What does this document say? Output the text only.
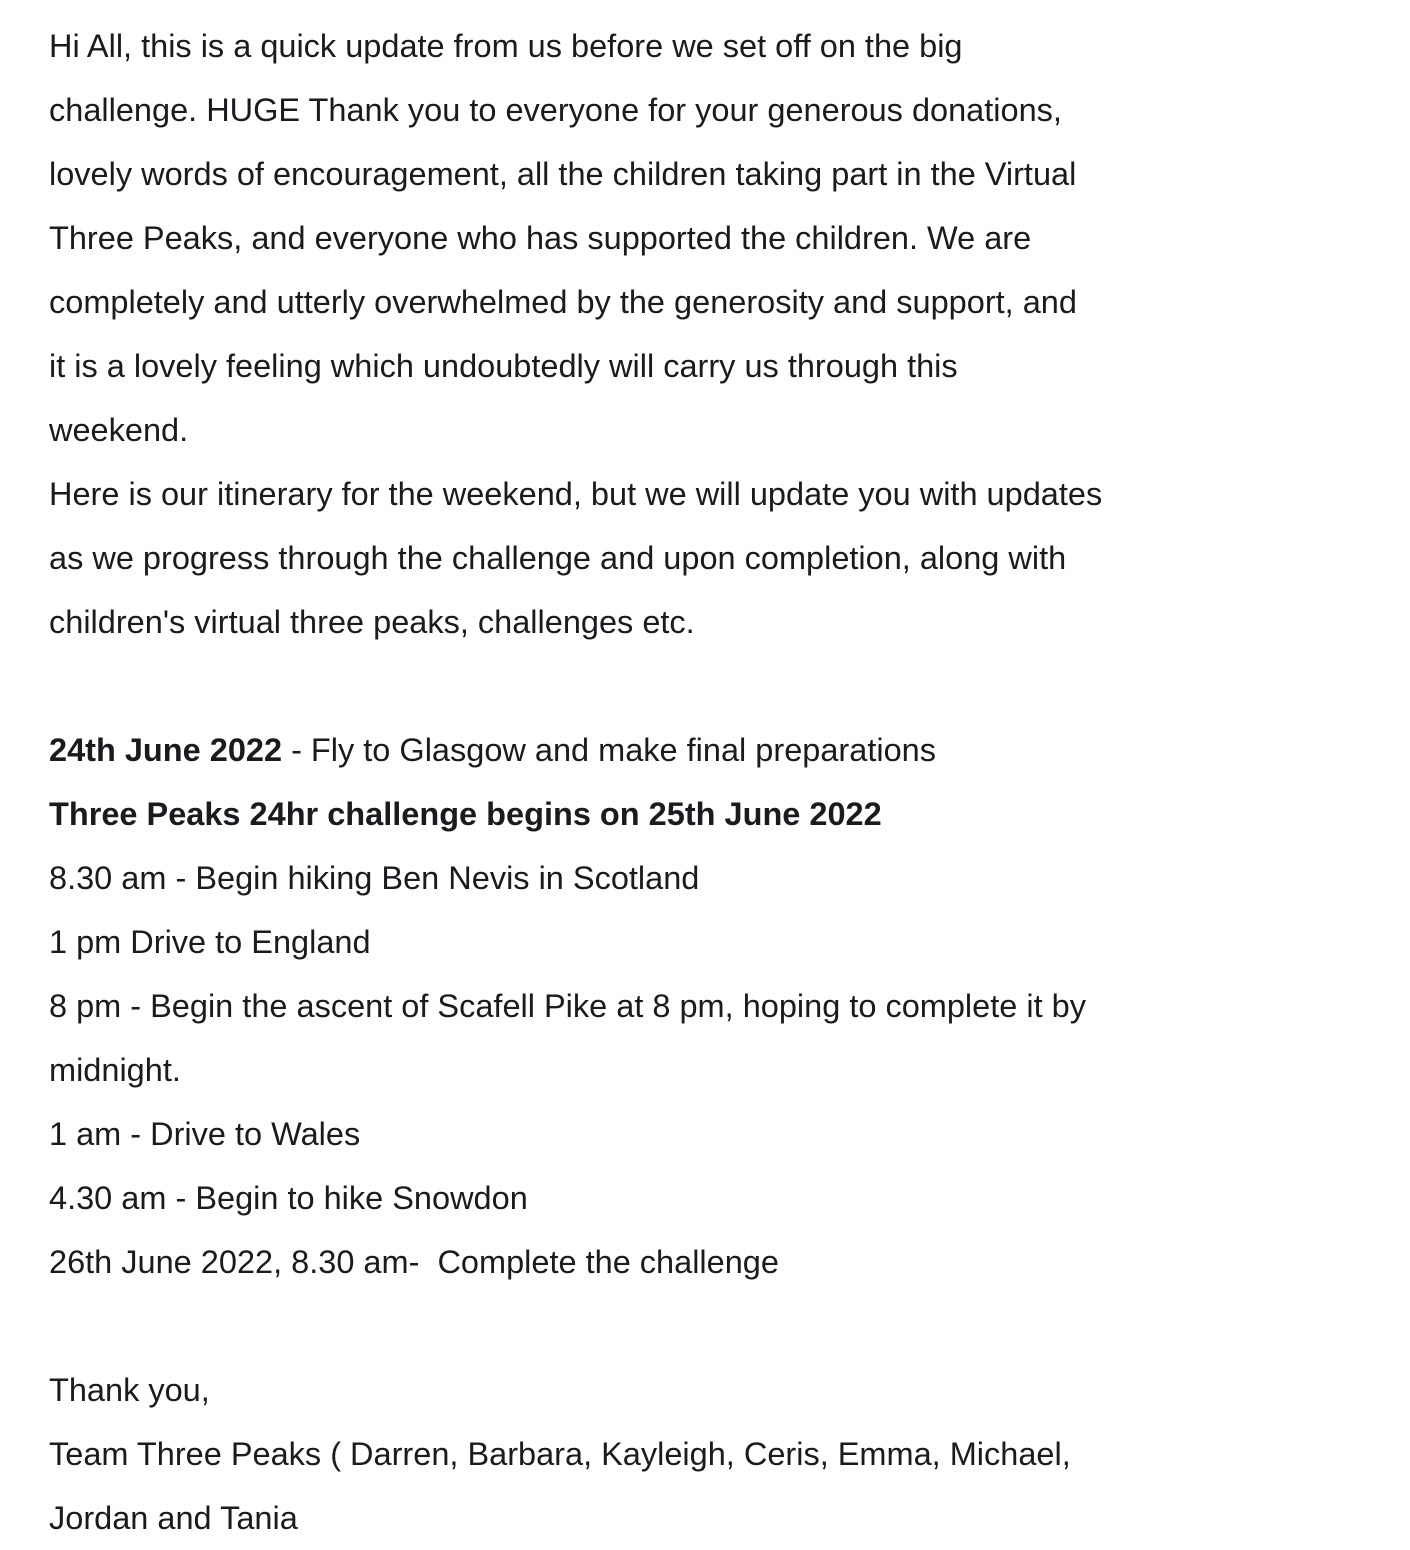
Hi All, this is a quick update from us before we set off on the big

challenge. HUGE Thank you to everyone for your generous donations,

lovely words of encouragement, all the children taking part in the Virtual

Three Peaks, and everyone who has supported the children. We are

completely and utterly overwhelmed by the generosity and support, and

it is a lovely feeling which undoubtedly will carry us through this

weekend.

Here is our itinerary for the weekend, but we will update you with updates

as we progress through the challenge and upon completion, along with

children's virtual three peaks, challenges etc.

24th June 2022 - Fly to Glasgow and make final preparations

Three Peaks 24hr challenge begins on 25th June 2022

8.30 am - Begin hiking Ben Nevis in Scotland

1 pm Drive to England

8 pm - Begin the ascent of Scafell Pike at 8 pm, hoping to complete it by

midnight.

1 am - Drive to Wales

4.30 am - Begin to hike Snowdon

26th June 2022, 8.30 am-  Complete the challenge

Thank you,

Team Three Peaks ( Darren, Barbara, Kayleigh, Ceris, Emma, Michael,

Jordan and Tania
